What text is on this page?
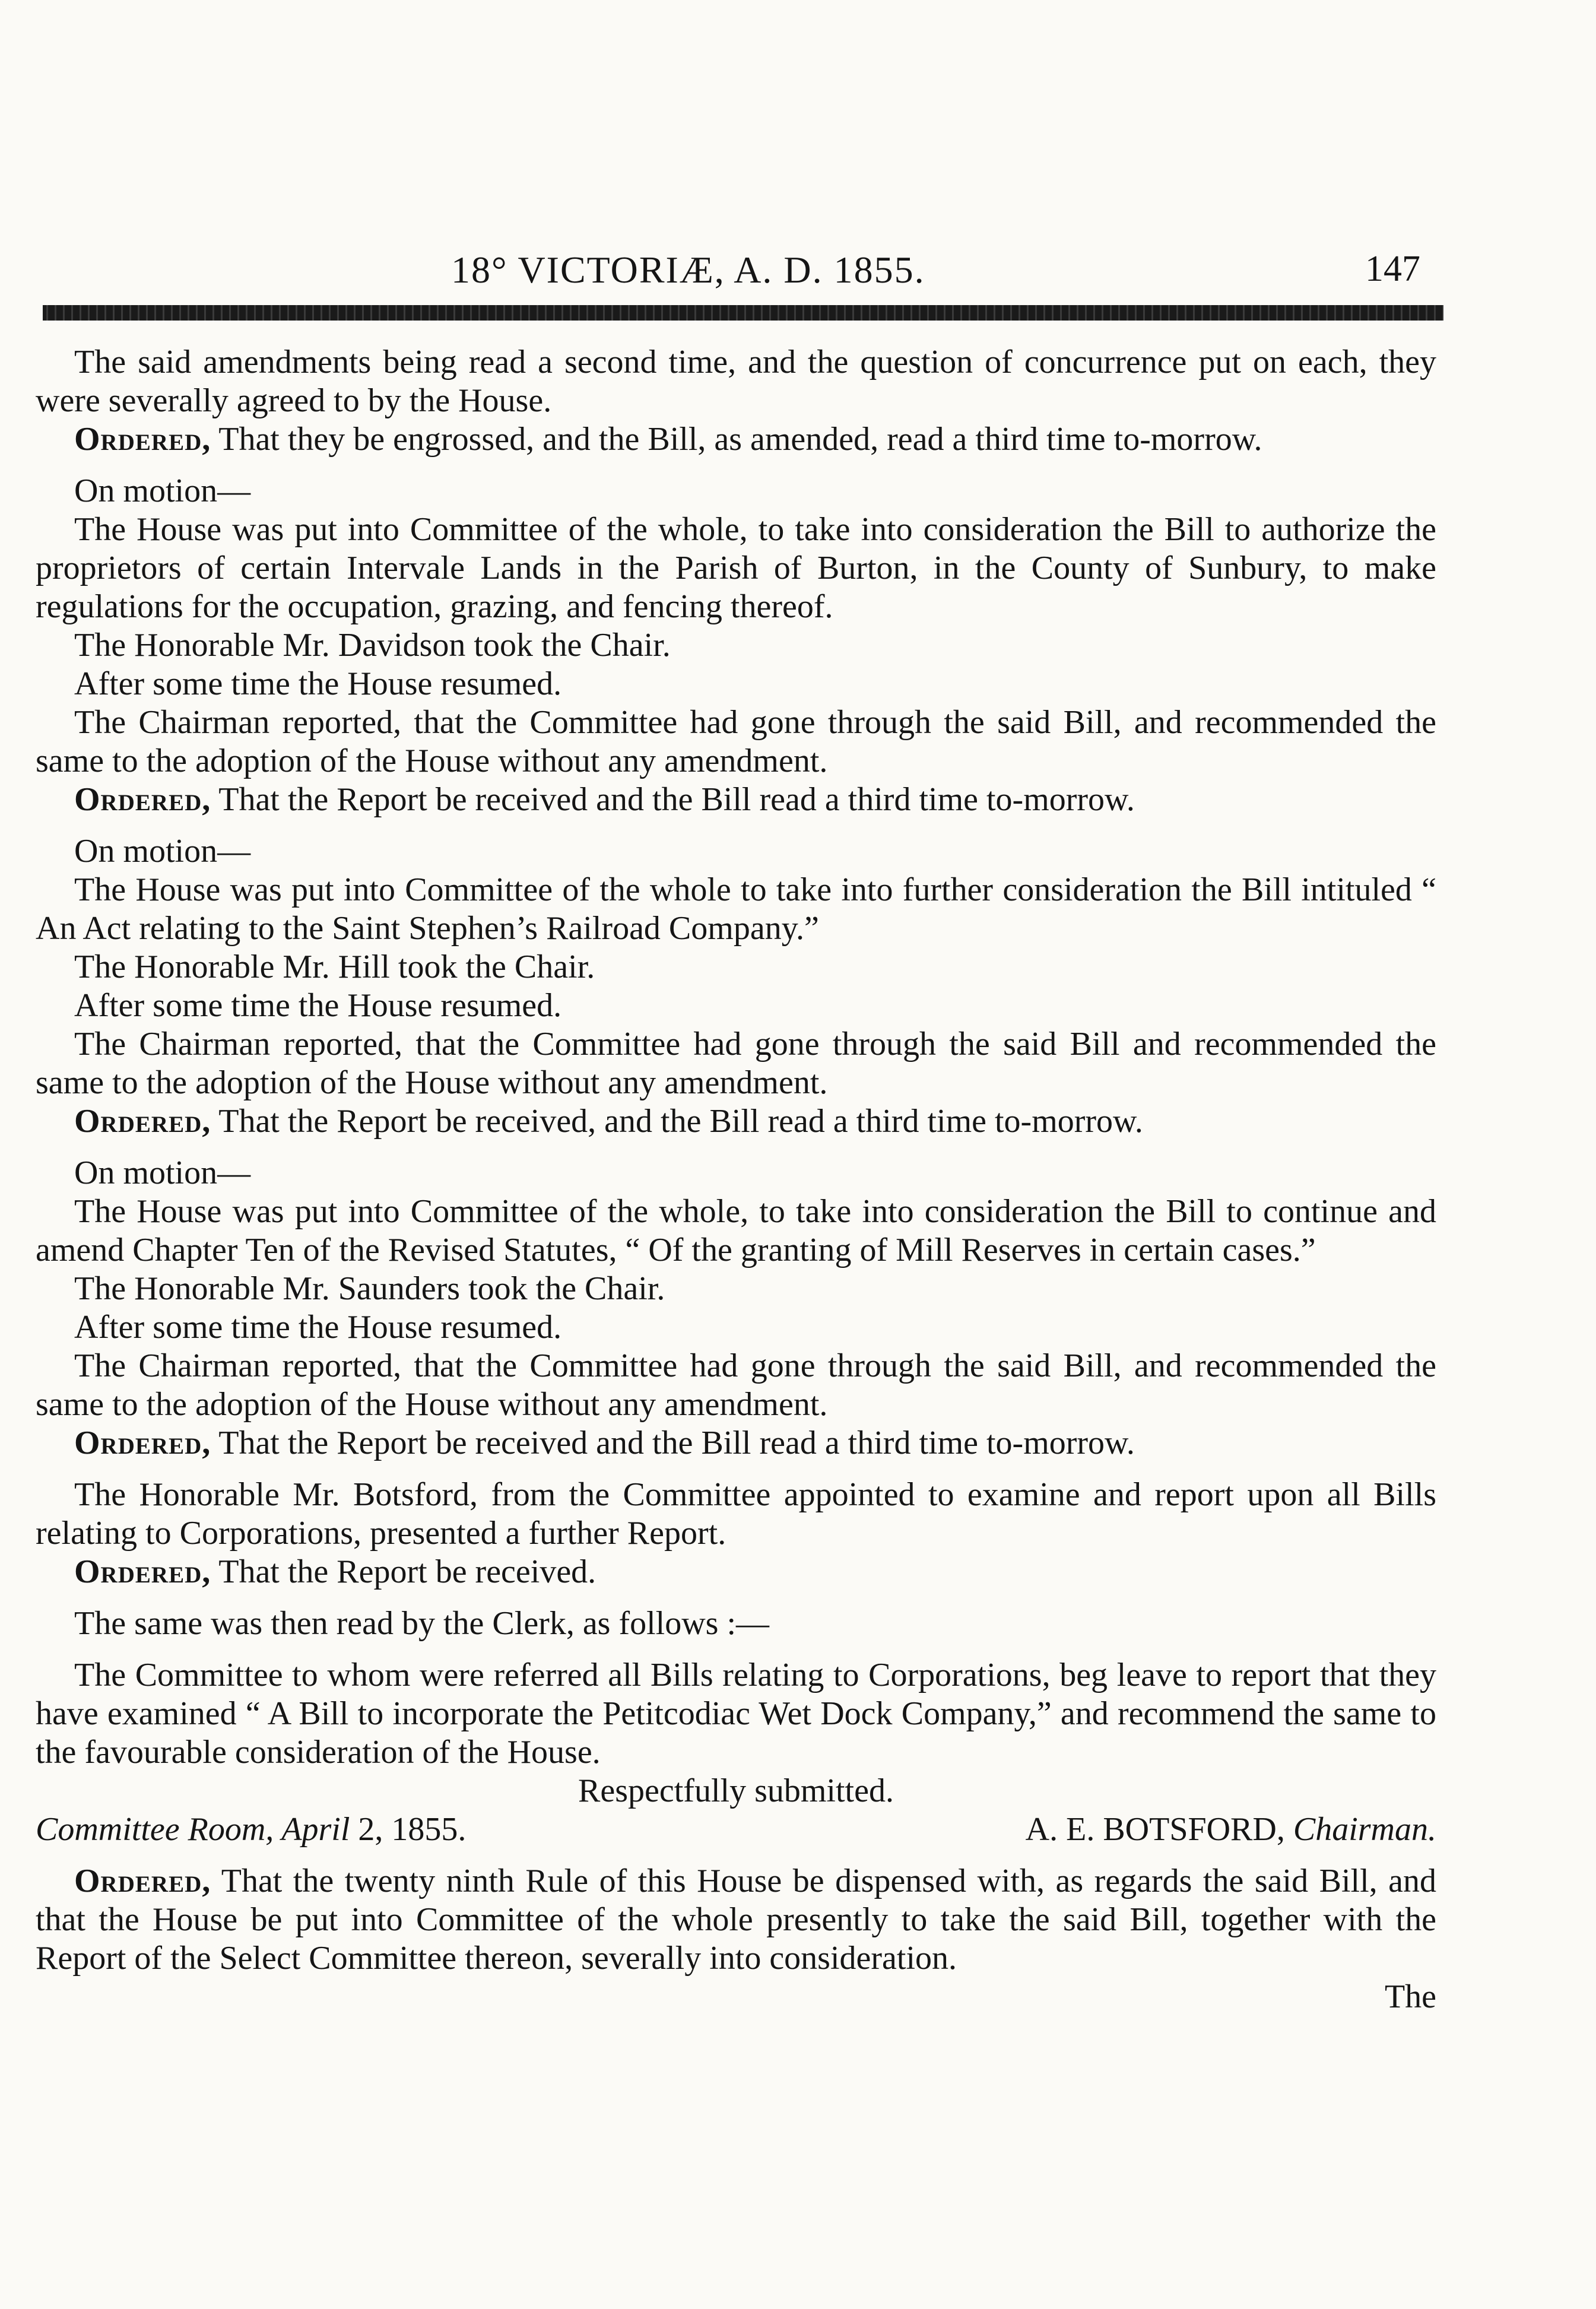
18° VICTORIÆ, A. D. 1855.	147

The said amendments being read a second time, and the question of concurrence put on each, they were severally agreed to by the House.

Ordered, That they be engrossed, and the Bill, as amended, read a third time to-morrow.

On motion—

The House was put into Committee of the whole, to take into consideration the Bill to authorize the proprietors of certain Intervale Lands in the Parish of Burton, in the County of Sunbury, to make regulations for the occupation, grazing, and fencing thereof.

The Honorable Mr. Davidson took the Chair.

After some time the House resumed.

The Chairman reported, that the Committee had gone through the said Bill, and recommended the same to the adoption of the House without any amendment.

Ordered, That the Report be received and the Bill read a third time to-morrow.

On motion—

The House was put into Committee of the whole to take into further consideration the Bill intituled “ An Act relating to the Saint Stephen’s Railroad Company.”

The Honorable Mr. Hill took the Chair.

After some time the House resumed.

The Chairman reported, that the Committee had gone through the said Bill and recommended the same to the adoption of the House without any amendment.

Ordered, That the Report be received, and the Bill read a third time to-morrow.

On motion—

The House was put into Committee of the whole, to take into consideration the Bill to continue and amend Chapter Ten of the Revised Statutes, “ Of the granting of Mill Reserves in certain cases.”

The Honorable Mr. Saunders took the Chair.

After some time the House resumed.

The Chairman reported, that the Committee had gone through the said Bill, and recommended the same to the adoption of the House without any amendment.

Ordered, That the Report be received and the Bill read a third time to-morrow.

The Honorable Mr. Botsford, from the Committee appointed to examine and report upon all Bills relating to Corporations, presented a further Report.

Ordered, That the Report be received.

The same was then read by the Clerk, as follows :—

The Committee to whom were referred all Bills relating to Corporations, beg leave to report that they have examined “ A Bill to incorporate the Petitcodiac Wet Dock Company,” and recommend the same to the favourable consideration of the House.

Respectfully submitted.

Committee Room, April 2, 1855.	A. E. BOTSFORD, Chairman.

Ordered, That the twenty ninth Rule of this House be dispensed with, as regards the said Bill, and that the House be put into Committee of the whole presently to take the said Bill, together with the Report of the Select Committee thereon, severally into consideration.

The
